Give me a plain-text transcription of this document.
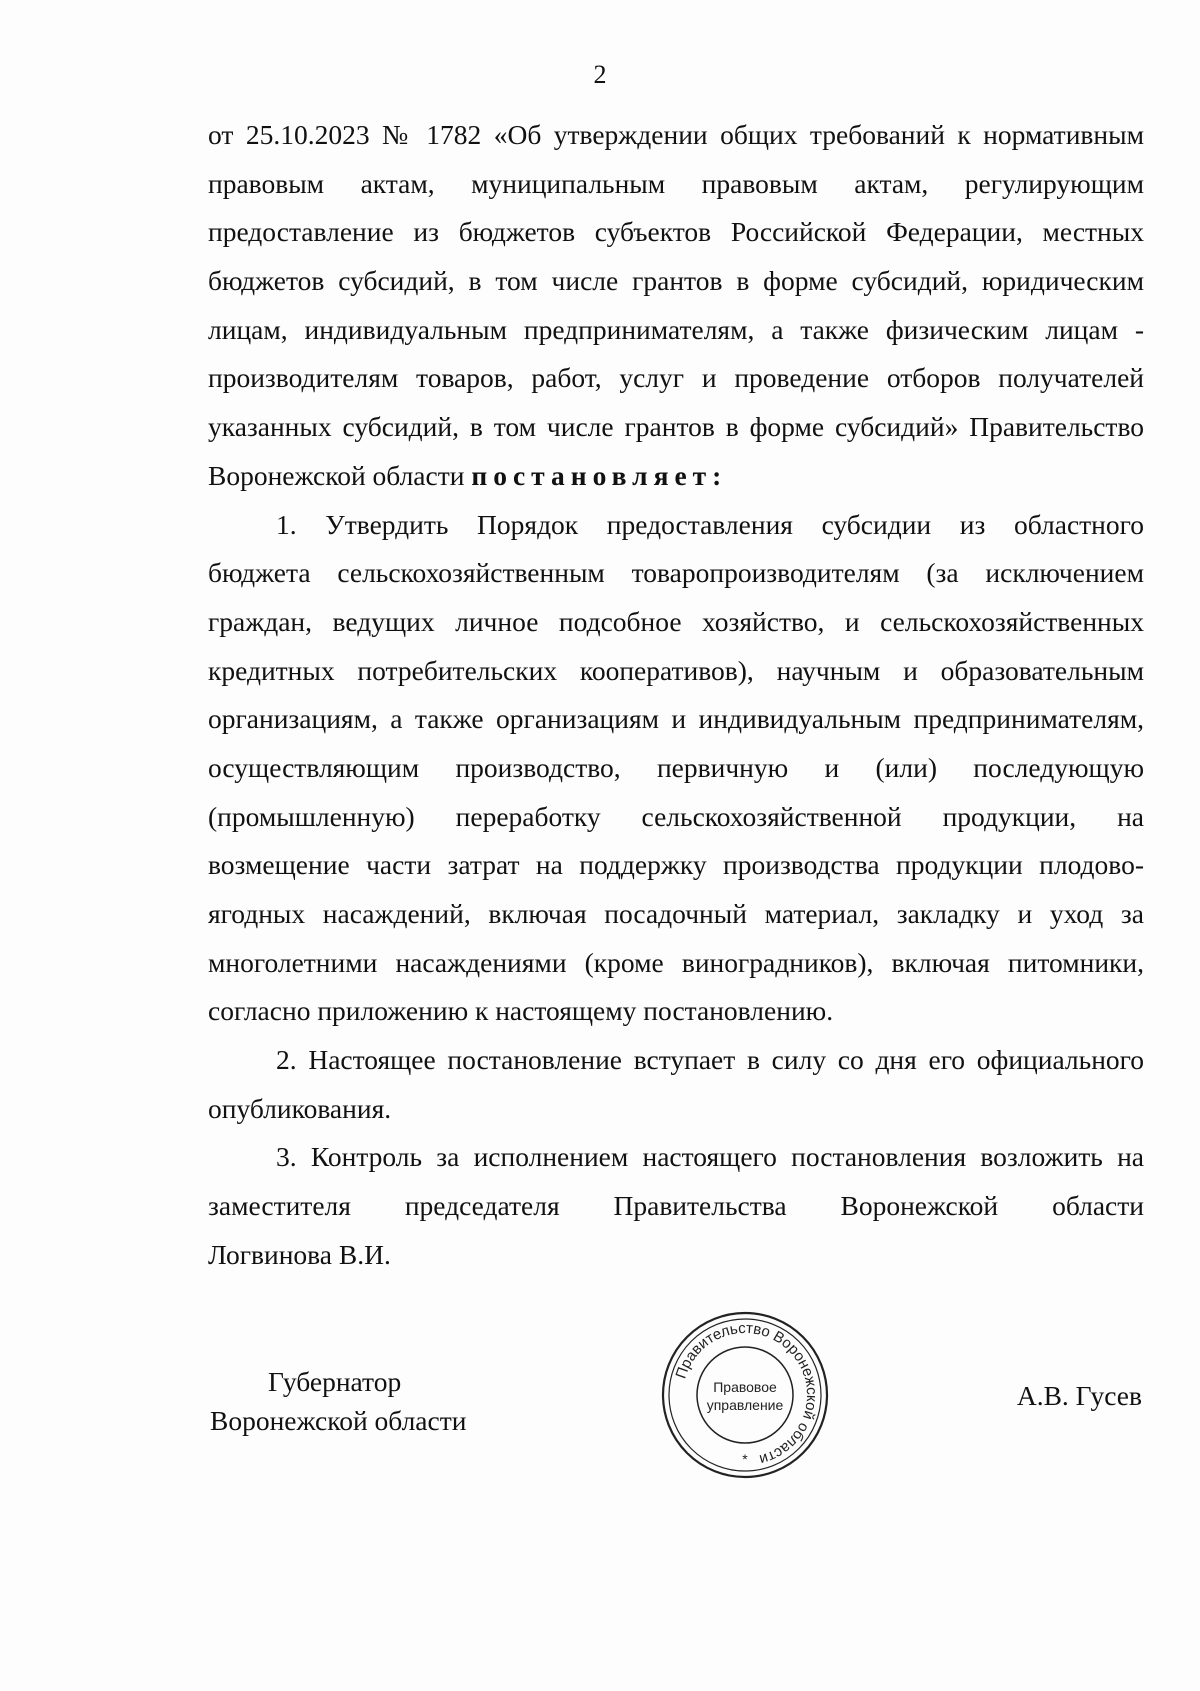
2
от 25.10.2023 № 1782 «Об утверждении общих требований к нормативным
правовым актам, муниципальным правовым актам, регулирующим
предоставление из бюджетов субъектов Российской Федерации, местных
бюджетов субсидий, в том числе грантов в форме субсидий, юридическим
лицам, индивидуальным предпринимателям, а также физическим лицам -
производителям товаров, работ, услуг и проведение отборов получателей
указанных субсидий, в том числе грантов в форме субсидий» Правительство
Воронежской области постановляет:
1. Утвердить Порядок предоставления субсидии из областного
бюджета сельскохозяйственным товаропроизводителям (за исключением
граждан, ведущих личное подсобное хозяйство, и сельскохозяйственных
кредитных потребительских кооперативов), научным и образовательным
организациям, а также организациям и индивидуальным предпринимателям,
осуществляющим производство, первичную и (или) последующую
(промышленную) переработку сельскохозяйственной продукции, на
возмещение части затрат на поддержку производства продукции плодово-
ягодных насаждений, включая посадочный материал, закладку и уход за
многолетними насаждениями (кроме виноградников), включая питомники,
согласно приложению к настоящему постановлению.
2. Настоящее постановление вступает в силу со дня его официального
опубликования.
3. Контроль за исполнением настоящего постановления возложить на
заместителя председателя Правительства Воронежской области
Логвинова В.И.
Губернатор
Воронежской области
Правительство Воронежской области
Правовое
управление
*
А.В. Гусев
